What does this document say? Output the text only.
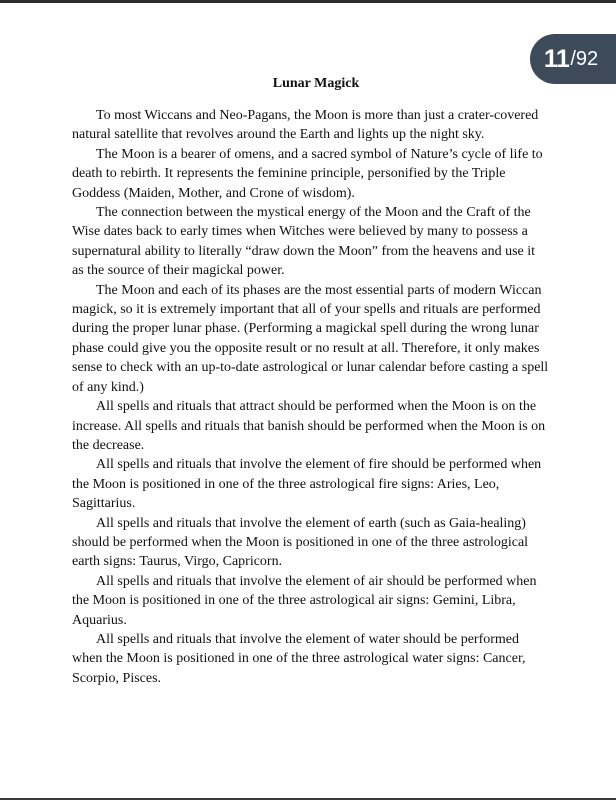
11 / 92
Lunar Magick

To most Wiccans and Neo-Pagans, the Moon is more than just a crater-covered natural satellite that revolves around the Earth and lights up the night sky.

The Moon is a bearer of omens, and a sacred symbol of Nature’s cycle of life to death to rebirth. It represents the feminine principle, personified by the Triple Goddess (Maiden, Mother, and Crone of wisdom).

The connection between the mystical energy of the Moon and the Craft of the Wise dates back to early times when Witches were believed by many to possess a supernatural ability to literally “draw down the Moon” from the heavens and use it as the source of their magickal power.

The Moon and each of its phases are the most essential parts of modern Wiccan magick, so it is extremely important that all of your spells and rituals are performed during the proper lunar phase. (Performing a magickal spell during the wrong lunar phase could give you the opposite result or no result at all. Therefore, it only makes sense to check with an up-to-date astrological or lunar calendar before casting a spell of any kind.)

All spells and rituals that attract should be performed when the Moon is on the increase. All spells and rituals that banish should be performed when the Moon is on the decrease.

All spells and rituals that involve the element of fire should be performed when the Moon is positioned in one of the three astrological fire signs: Aries, Leo, Sagittarius.

All spells and rituals that involve the element of earth (such as Gaia-healing) should be performed when the Moon is positioned in one of the three astrological earth signs: Taurus, Virgo, Capricorn.

All spells and rituals that involve the element of air should be performed when the Moon is positioned in one of the three astrological air signs: Gemini, Libra, Aquarius.

All spells and rituals that involve the element of water should be performed when the Moon is positioned in one of the three astrological water signs: Cancer, Scorpio, Pisces.
